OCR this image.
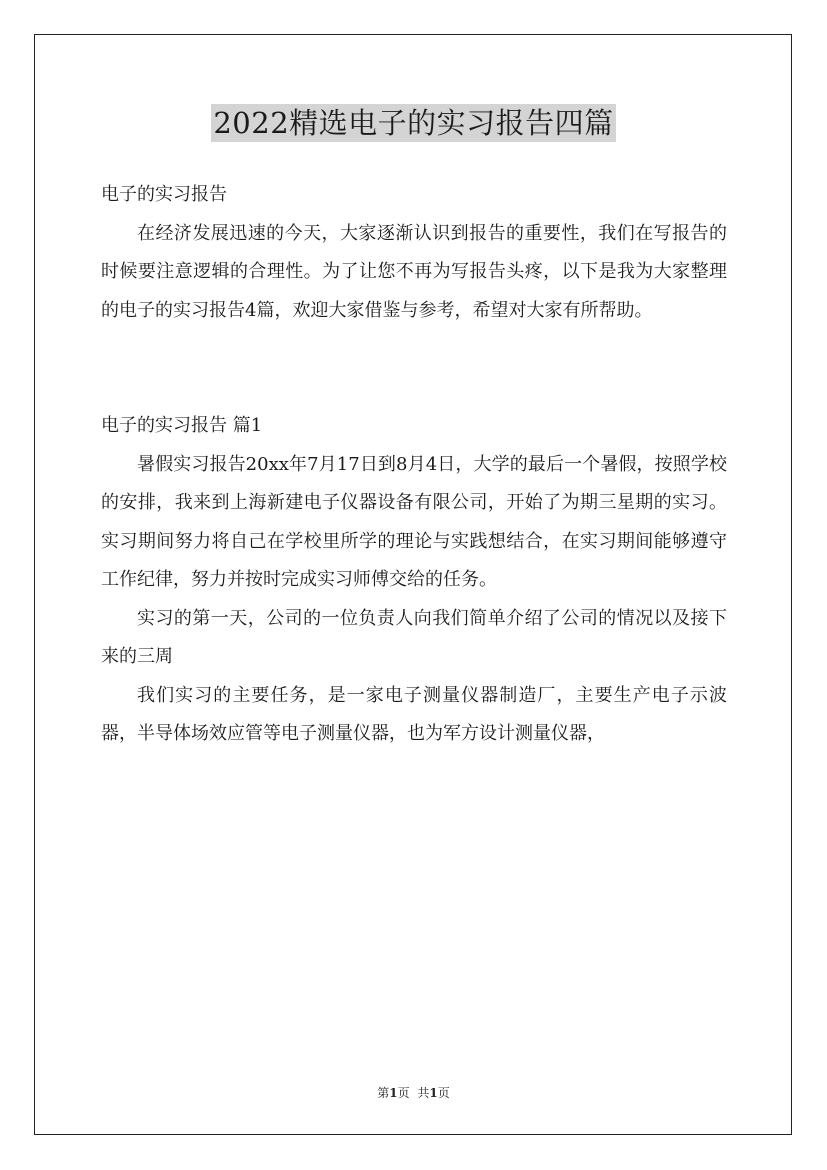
2022精选电子的实习报告四篇

电子的实习报告

在经济发展迅速的今天，大家逐渐认识到报告的重要性，我们在写报告的时候要注意逻辑的合理性。为了让您不再为写报告头疼，以下是我为大家整理的电子的实习报告4篇，欢迎大家借鉴与参考，希望对大家有所帮助。

电子的实习报告 篇1

暑假实习报告20xx年7月17日到8月4日，大学的最后一个暑假，按照学校的安排，我来到上海新建电子仪器设备有限公司，开始了为期三星期的实习。实习期间努力将自己在学校里所学的理论与实践想结合，在实习期间能够遵守工作纪律，努力并按时完成实习师傅交给的任务。

实习的第一天，公司的一位负责人向我们简单介绍了公司的情况以及接下来的三周

我们实习的主要任务，是一家电子测量仪器制造厂，主要生产电子示波器，半导体场效应管等电子测量仪器，也为军方设计测量仪器，

第1页 共1页
